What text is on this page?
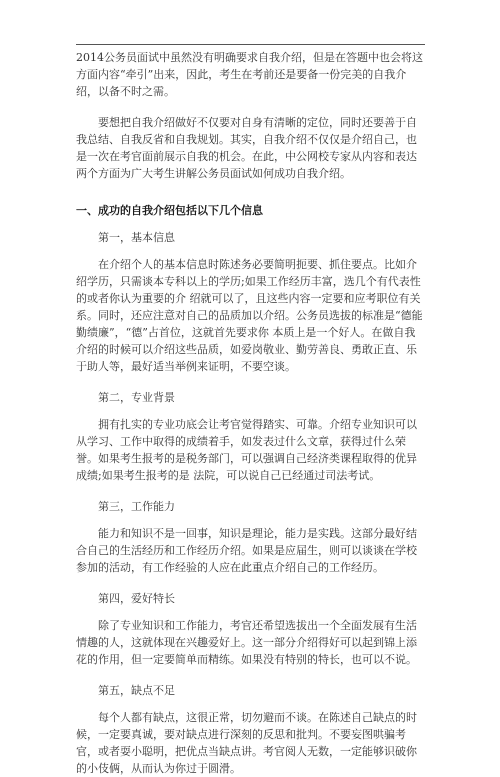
2014公务员面试中虽然没有明确要求自我介绍，但是在答题中也会将这方面内容“牵引”出来，因此，考生在考前还是要备一份完美的自我介绍，以备不时之需。

要想把自我介绍做好不仅要对自身有清晰的定位，同时还要善于自我总结、自我反省和自我规划。其实，自我介绍不仅仅是介绍自己，也是一次在考官面前展示自我的机会。在此，中公网校专家从内容和表达两个方面为广大考生讲解公务员面试如何成功自我介绍。

一、成功的自我介绍包括以下几个信息

第一，基本信息

在介绍个人的基本信息时陈述务必要简明扼要、抓住要点。比如介绍学历，只需谈本专科以上的学历;如果工作经历丰富，选几个有代表性的或者你认为重要的介 绍就可以了，且这些内容一定要和应考职位有关系。同时，还应注意对自己的品质加以介绍。公务员选拔的标准是“德能勤绩廉”，“德”占首位，这就首先要求你 本质上是一个好人。在做自我介绍的时候可以介绍这些品质，如爱岗敬业、勤劳善良、勇敢正直、乐于助人等，最好适当举例来证明，不要空谈。

第二，专业背景

拥有扎实的专业功底会让考官觉得踏实、可靠。介绍专业知识可以从学习、工作中取得的成绩着手，如发表过什么文章，获得过什么荣誉。如果考生报考的是税务部门，可以强调自己经济类课程取得的优异成绩;如果考生报考的是 法院，可以说自己已经通过司法考试。

第三，工作能力

能力和知识不是一回事，知识是理论，能力是实践。这部分最好结合自己的生活经历和工作经历介绍。如果是应届生，则可以谈谈在学校参加的活动，有工作经验的人应在此重点介绍自己的工作经历。

第四，爱好特长

除了专业知识和工作能力，考官还希望选拔出一个全面发展有生活情趣的人，这就体现在兴趣爱好上。这一部分介绍得好可以起到锦上添花的作用，但一定要简单而精练。如果没有特别的特长，也可以不说。

第五，缺点不足

每个人都有缺点，这很正常，切勿避而不谈。在陈述自己缺点的时候，一定要真诚，要对缺点进行深刻的反思和批判。不要妄图哄骗考官，或者耍小聪明，把优点当缺点讲。考官阅人无数，一定能够识破你的小伎俩，从而认为你过于圆滑。
